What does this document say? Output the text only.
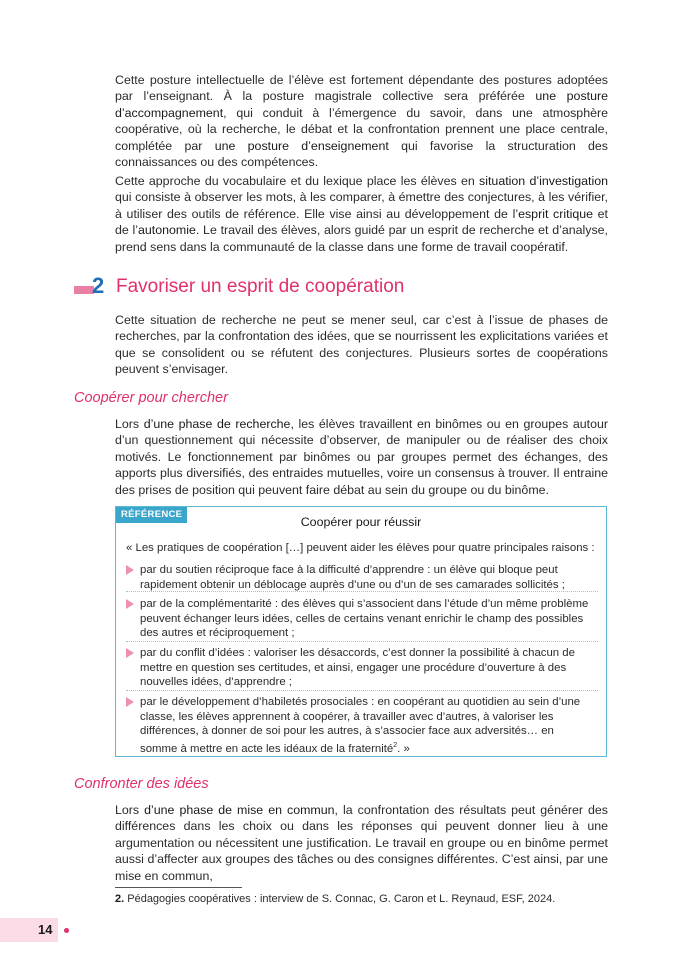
Cette posture intellectuelle de l’élève est fortement dépendante des postures adoptées par l’enseignant. À la posture magistrale collective sera préférée une posture d’accompagnement, qui conduit à l’émergence du savoir, dans une atmosphère coopérative, où la recherche, le débat et la confrontation prennent une place centrale, complétée par une posture d’enseignement qui favorise la structuration des connaissances ou des compétences.

Cette approche du vocabulaire et du lexique place les élèves en situation d’investigation qui consiste à observer les mots, à les comparer, à émettre des conjectures, à les vérifier, à utiliser des outils de référence. Elle vise ainsi au développement de l’esprit critique et de l’autonomie. Le travail des élèves, alors guidé par un esprit de recherche et d’analyse, prend sens dans la communauté de la classe dans une forme de travail coopératif.

2 Favoriser un esprit de coopération

Cette situation de recherche ne peut se mener seul, car c’est à l’issue de phases de recherches, par la confrontation des idées, que se nourrissent les explicitations variées et que se consolident ou se réfutent des conjectures. Plusieurs sortes de coopérations peuvent s’envisager.

Coopérer pour chercher

Lors d’une phase de recherche, les élèves travaillent en binômes ou en groupes autour d’un questionnement qui nécessite d’observer, de manipuler ou de réaliser des choix motivés. Le fonctionnement par binômes ou par groupes permet des échanges, des apports plus diversifiés, des entraides mutuelles, voire un consensus à trouver. Il entraine des prises de position qui peuvent faire débat au sein du groupe ou du binôme.

RÉFÉRENCE
Coopérer pour réussir

« Les pratiques de coopération […] peuvent aider les élèves pour quatre principales raisons :

par du soutien réciproque face à la difficulté d’apprendre : un élève qui bloque peut rapidement obtenir un déblocage auprès d’une ou d’un de ses camarades sollicités ;

par de la complémentarité : des élèves qui s’associent dans l’étude d’un même problème peuvent échanger leurs idées, celles de certains venant enrichir le champ des possibles des autres et réciproquement ;

par du conflit d’idées : valoriser les désaccords, c’est donner la possibilité à chacun de mettre en question ses certitudes, et ainsi, engager une procédure d’ouverture à des nouvelles idées, d’apprendre ;

par le développement d’habiletés prosociales : en coopérant au quotidien au sein d’une classe, les élèves apprennent à coopérer, à travailler avec d’autres, à valoriser les différences, à donner de soi pour les autres, à s’associer face aux adversités… en somme à mettre en acte les idéaux de la fraternité$^2$. »

Confronter des idées

Lors d’une phase de mise en commun, la confrontation des résultats peut générer des différences dans les choix ou dans les réponses qui peuvent donner lieu à une argumentation ou nécessitent une justification. Le travail en groupe ou en binôme permet aussi d’affecter aux groupes des tâches ou des consignes différentes. C’est ainsi, par une mise en commun,

2. Pédagogies coopératives : interview de S. Connac, G. Caron et L. Reynaud, ESF, 2024.

14
